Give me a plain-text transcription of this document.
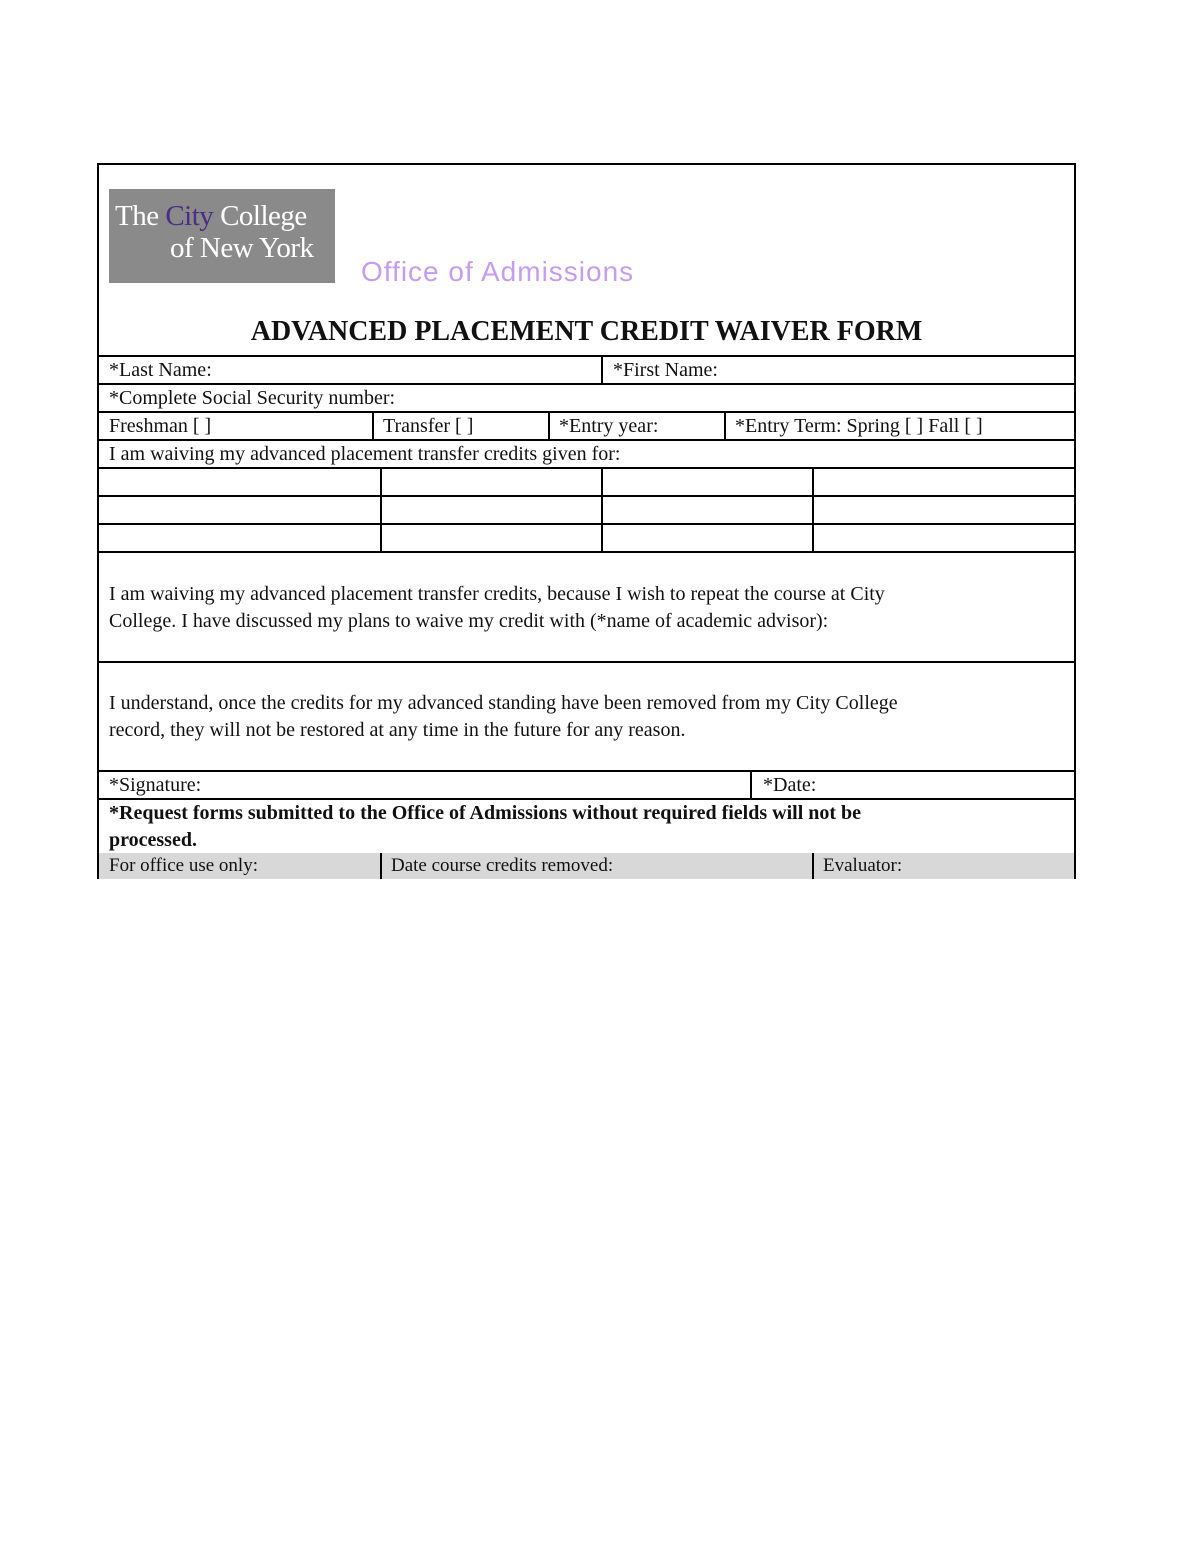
The City College
of New York
Office of Admissions
ADVANCED PLACEMENT CREDIT WAIVER FORM
*Last Name:	*First Name:
*Complete Social Security number:
Freshman [ ]	Transfer [ ]	*Entry year:	*Entry Term: Spring [ ] Fall [ ]
I am waiving my advanced placement transfer credits given for:
I am waiving my advanced placement transfer credits, because I wish to repeat the course at City
College. I have discussed my plans to waive my credit with (*name of academic advisor):
I understand, once the credits for my advanced standing have been removed from my City College
record, they will not be restored at any time in the future for any reason.
*Signature:	*Date:
*Request forms submitted to the Office of Admissions without required fields will not be
processed.
For office use only:	Date course credits removed:	Evaluator:
